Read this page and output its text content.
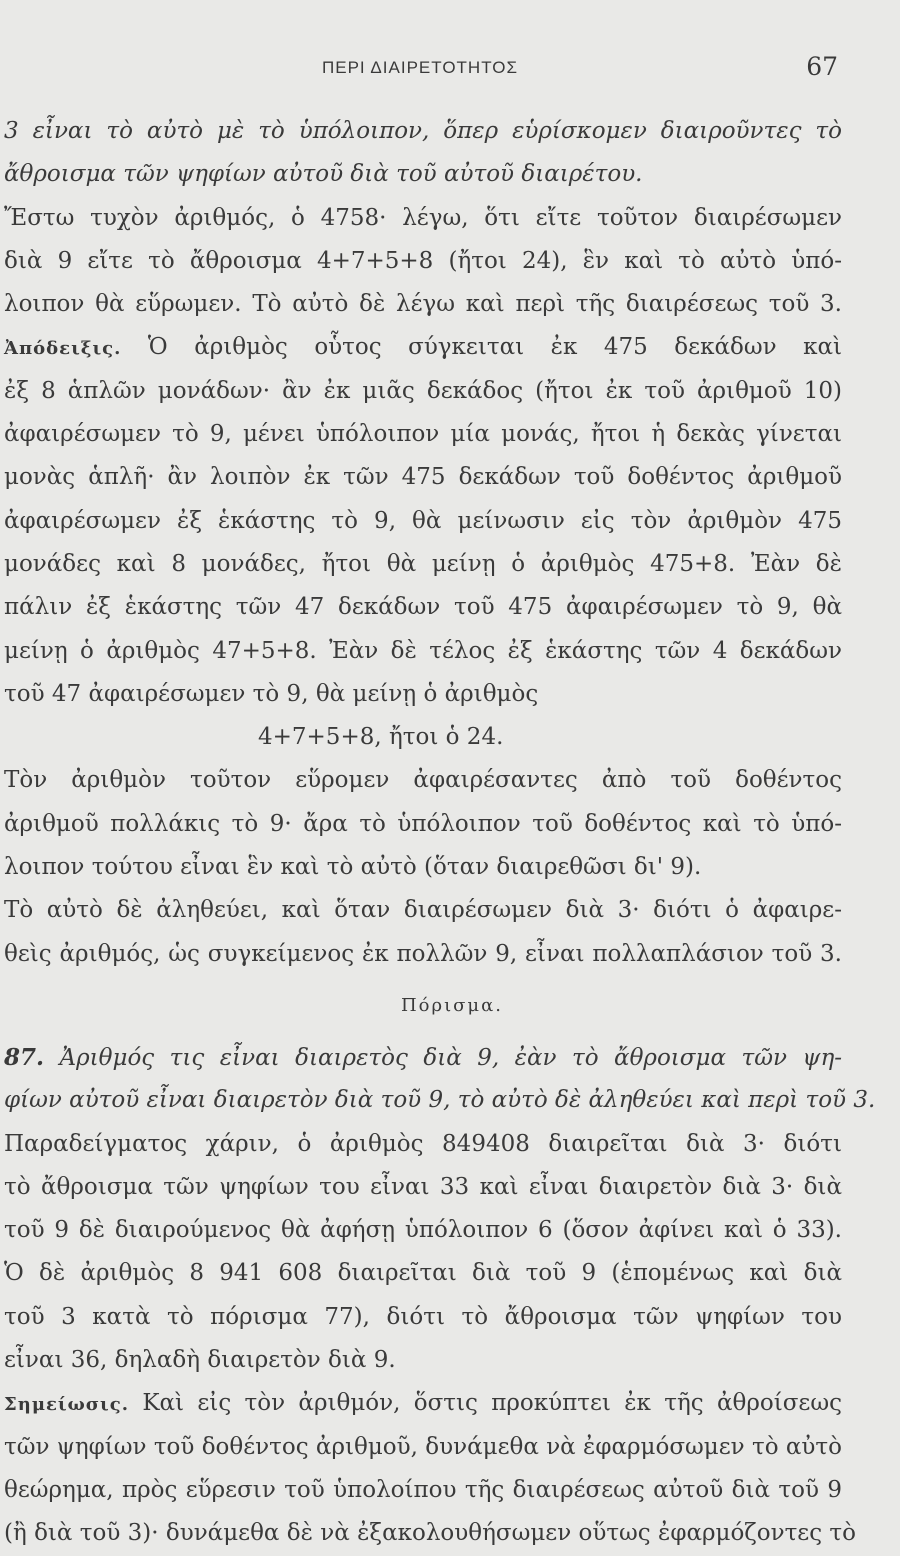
ΠΕΡΙ ΔΙΑΙΡΕΤΟΤΗΤΟΣ	67
3 εἶναι τὸ αὐτὸ μὲ τὸ ὑπόλοιπον, ὅπερ εὑρίσκομεν διαιροῦντες τὸ
ἄθροισμα τῶν ψηφίων αὐτοῦ διὰ τοῦ αὐτοῦ διαιρέτου.
Ἔστω τυχὸν ἀριθμός, ὁ 4758· λέγω, ὅτι εἴτε τοῦτον διαιρέσωμεν
διὰ 9 εἴτε τὸ ἄθροισμα 4+7+5+8 (ἤτοι 24), ἓν καὶ τὸ αὐτὸ ὑπό-
λοιπον θὰ εὕρωμεν. Τὸ αὐτὸ δὲ λέγω καὶ περὶ τῆς διαιρέσεως τοῦ 3.
Ἀπόδειξις. Ὁ ἀριθμὸς οὗτος σύγκειται ἐκ 475 δεκάδων καὶ
ἐξ 8 ἁπλῶν μονάδων· ἂν ἐκ μιᾶς δεκάδος (ἤτοι ἐκ τοῦ ἀριθμοῦ 10)
ἀφαιρέσωμεν τὸ 9, μένει ὑπόλοιπον μία μονάς, ἤτοι ἡ δεκὰς γίνεται
μονὰς ἁπλῆ· ἂν λοιπὸν ἐκ τῶν 475 δεκάδων τοῦ δοθέντος ἀριθμοῦ
ἀφαιρέσωμεν ἐξ ἑκάστης τὸ 9, θὰ μείνωσιν εἰς τὸν ἀριθμὸν 475
μονάδες καὶ 8 μονάδες, ἤτοι θὰ μείνῃ ὁ ἀριθμὸς 475+8. Ἐὰν δὲ
πάλιν ἐξ ἑκάστης τῶν 47 δεκάδων τοῦ 475 ἀφαιρέσωμεν τὸ 9, θὰ
μείνῃ ὁ ἀριθμὸς 47+5+8. Ἐὰν δὲ τέλος ἐξ ἑκάστης τῶν 4 δεκάδων
τοῦ 47 ἀφαιρέσωμεν τὸ 9, θὰ μείνῃ ὁ ἀριθμὸς
4+7+5+8, ἤτοι ὁ 24.
Τὸν ἀριθμὸν τοῦτον εὕρομεν ἀφαιρέσαντες ἀπὸ τοῦ δοθέντος
ἀριθμοῦ πολλάκις τὸ 9· ἄρα τὸ ὑπόλοιπον τοῦ δοθέντος καὶ τὸ ὑπό-
λοιπον τούτου εἶναι ἓν καὶ τὸ αὐτὸ (ὅταν διαιρεθῶσι δι' 9).
Τὸ αὐτὸ δὲ ἀληθεύει, καὶ ὅταν διαιρέσωμεν διὰ 3· διότι ὁ ἀφαιρε-
θεὶς ἀριθμός, ὡς συγκείμενος ἐκ πολλῶν 9, εἶναι πολλαπλάσιον τοῦ 3.
Πόρισμα.
87. Ἀριθμός τις εἶναι διαιρετὸς διὰ 9, ἐὰν τὸ ἄθροισμα τῶν ψη-
φίων αὐτοῦ εἶναι διαιρετὸν διὰ τοῦ 9, τὸ αὐτὸ δὲ ἀληθεύει καὶ περὶ τοῦ 3.
Παραδείγματος χάριν, ὁ ἀριθμὸς 849408 διαιρεῖται διὰ 3· διότι
τὸ ἄθροισμα τῶν ψηφίων του εἶναι 33 καὶ εἶναι διαιρετὸν διὰ 3· διὰ
τοῦ 9 δὲ διαιρούμενος θὰ ἀφήσῃ ὑπόλοιπον 6 (ὅσον ἀφίνει καὶ ὁ 33).
Ὁ δὲ ἀριθμὸς 8 941 608 διαιρεῖται διὰ τοῦ 9 (ἑπομένως καὶ διὰ
τοῦ 3 κατὰ τὸ πόρισμα 77), διότι τὸ ἄθροισμα τῶν ψηφίων του
εἶναι 36, δηλαδὴ διαιρετὸν διὰ 9.
Σημείωσις. Καὶ εἰς τὸν ἀριθμόν, ὅστις προκύπτει ἐκ τῆς ἀθροίσεως
τῶν ψηφίων τοῦ δοθέντος ἀριθμοῦ, δυνάμεθα νὰ ἐφαρμόσωμεν τὸ αὐτὸ
θεώρημα, πρὸς εὕρεσιν τοῦ ὑπολοίπου τῆς διαιρέσεως αὐτοῦ διὰ τοῦ 9
(ἢ διὰ τοῦ 3)· δυνάμεθα δὲ νὰ ἐξακολουθήσωμεν οὕτως ἐφαρμόζοντες τὸ
